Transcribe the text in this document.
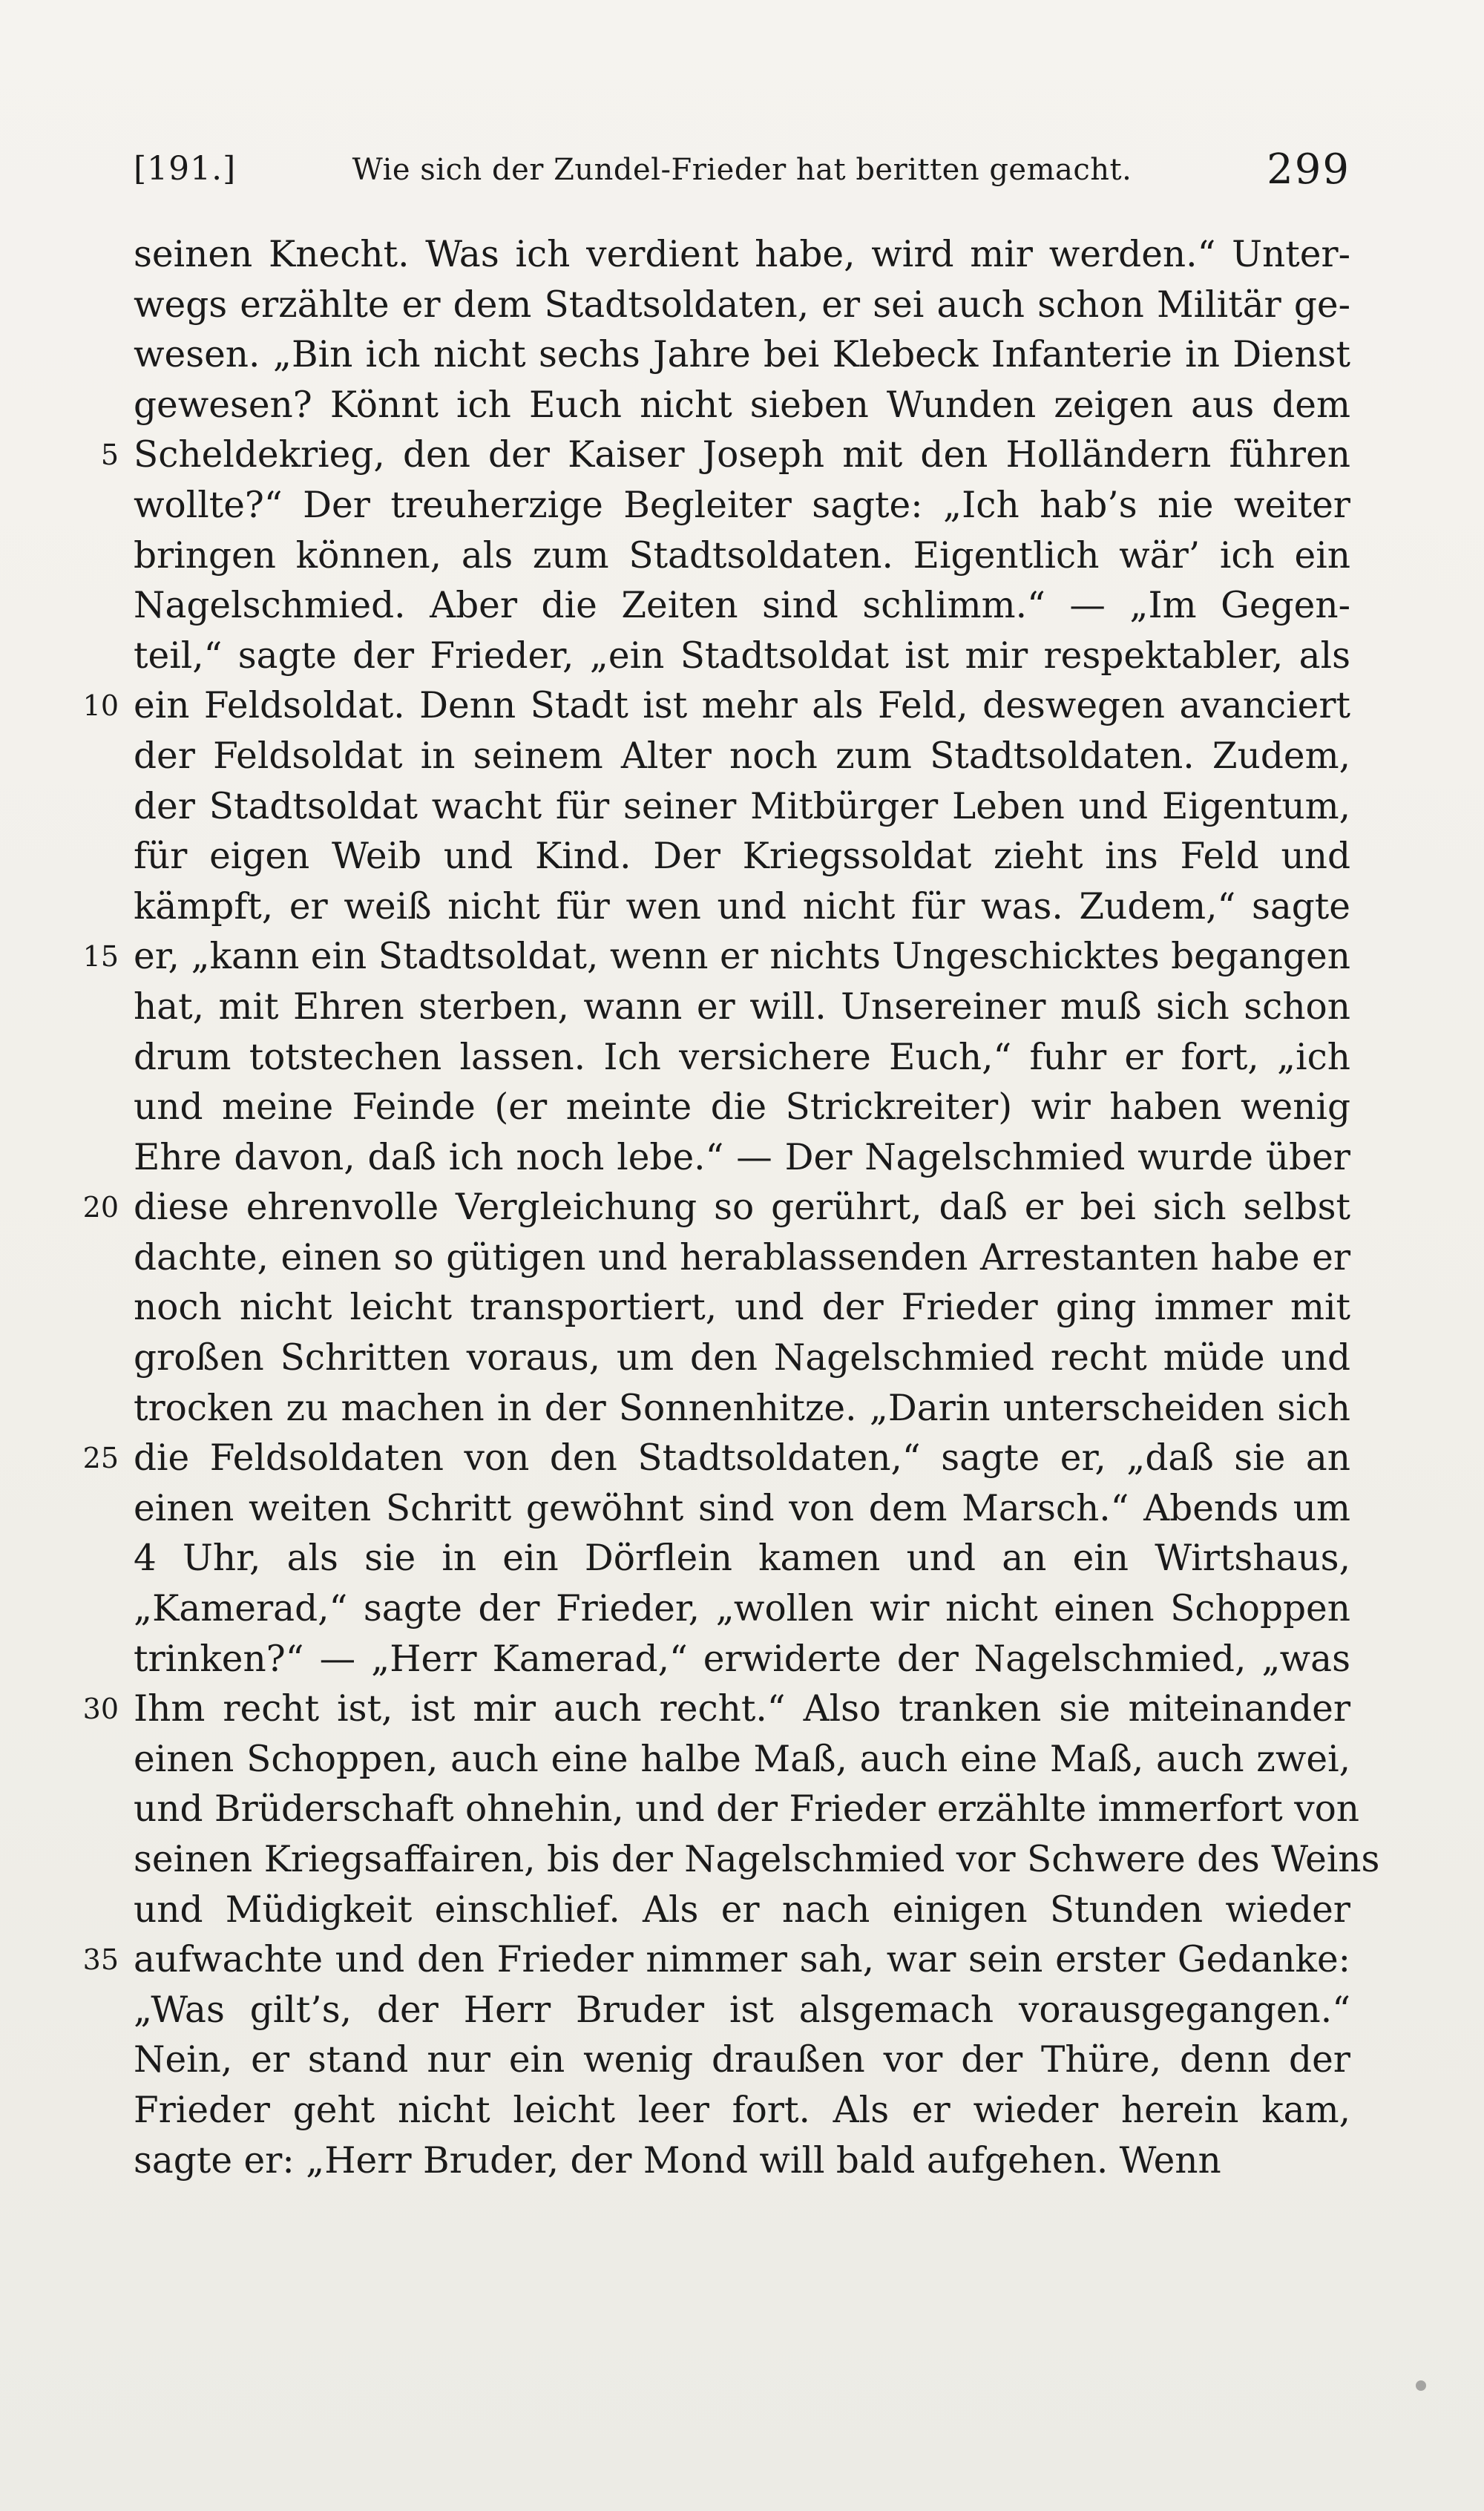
[191.]	Wie sich der Zundel-Frieder hat beritten gemacht.	299
seinen Knecht. Was ich verdient habe, wird mir werden.“ Unter-
wegs erzählte er dem Stadtsoldaten, er sei auch schon Militär ge-
wesen. „Bin ich nicht sechs Jahre bei Klebeck Infanterie in Dienst
gewesen? Könnt ich Euch nicht sieben Wunden zeigen aus dem
5 Scheldekrieg, den der Kaiser Joseph mit den Holländern führen
wollte?“ Der treuherzige Begleiter sagte: „Ich hab’s nie weiter
bringen können, als zum Stadtsoldaten. Eigentlich wär’ ich ein
Nagelschmied. Aber die Zeiten sind schlimm.“ — „Im Gegen-
teil,“ sagte der Frieder, „ein Stadtsoldat ist mir respektabler, als
10 ein Feldsoldat. Denn Stadt ist mehr als Feld, deswegen avanciert
der Feldsoldat in seinem Alter noch zum Stadtsoldaten. Zudem,
der Stadtsoldat wacht für seiner Mitbürger Leben und Eigentum,
für eigen Weib und Kind. Der Kriegssoldat zieht ins Feld und
kämpft, er weiß nicht für wen und nicht für was. Zudem,“ sagte
15 er, „kann ein Stadtsoldat, wenn er nichts Ungeschicktes begangen
hat, mit Ehren sterben, wann er will. Unsereiner muß sich schon
drum totstechen lassen. Ich versichere Euch,“ fuhr er fort, „ich
und meine Feinde (er meinte die Strickreiter) wir haben wenig
Ehre davon, daß ich noch lebe.“ — Der Nagelschmied wurde über
20 diese ehrenvolle Vergleichung so gerührt, daß er bei sich selbst
dachte, einen so gütigen und herablassenden Arrestanten habe er
noch nicht leicht transportiert, und der Frieder ging immer mit
großen Schritten voraus, um den Nagelschmied recht müde und
trocken zu machen in der Sonnenhitze. „Darin unterscheiden sich
25 die Feldsoldaten von den Stadtsoldaten,“ sagte er, „daß sie an
einen weiten Schritt gewöhnt sind von dem Marsch.“ Abends um
4 Uhr, als sie in ein Dörflein kamen und an ein Wirtshaus,
„Kamerad,“ sagte der Frieder, „wollen wir nicht einen Schoppen
trinken?“ — „Herr Kamerad,“ erwiderte der Nagelschmied, „was
30 Ihm recht ist, ist mir auch recht.“ Also tranken sie miteinander
einen Schoppen, auch eine halbe Maß, auch eine Maß, auch zwei,
und Brüderschaft ohnehin, und der Frieder erzählte immerfort von
seinen Kriegsaffairen, bis der Nagelschmied vor Schwere des Weins
und Müdigkeit einschlief. Als er nach einigen Stunden wieder
35 aufwachte und den Frieder nimmer sah, war sein erster Gedanke:
„Was gilt’s, der Herr Bruder ist alsgemach vorausgegangen.“
Nein, er stand nur ein wenig draußen vor der Thüre, denn der
Frieder geht nicht leicht leer fort. Als er wieder herein kam,
sagte er: „Herr Bruder, der Mond will bald aufgehen. Wenn
